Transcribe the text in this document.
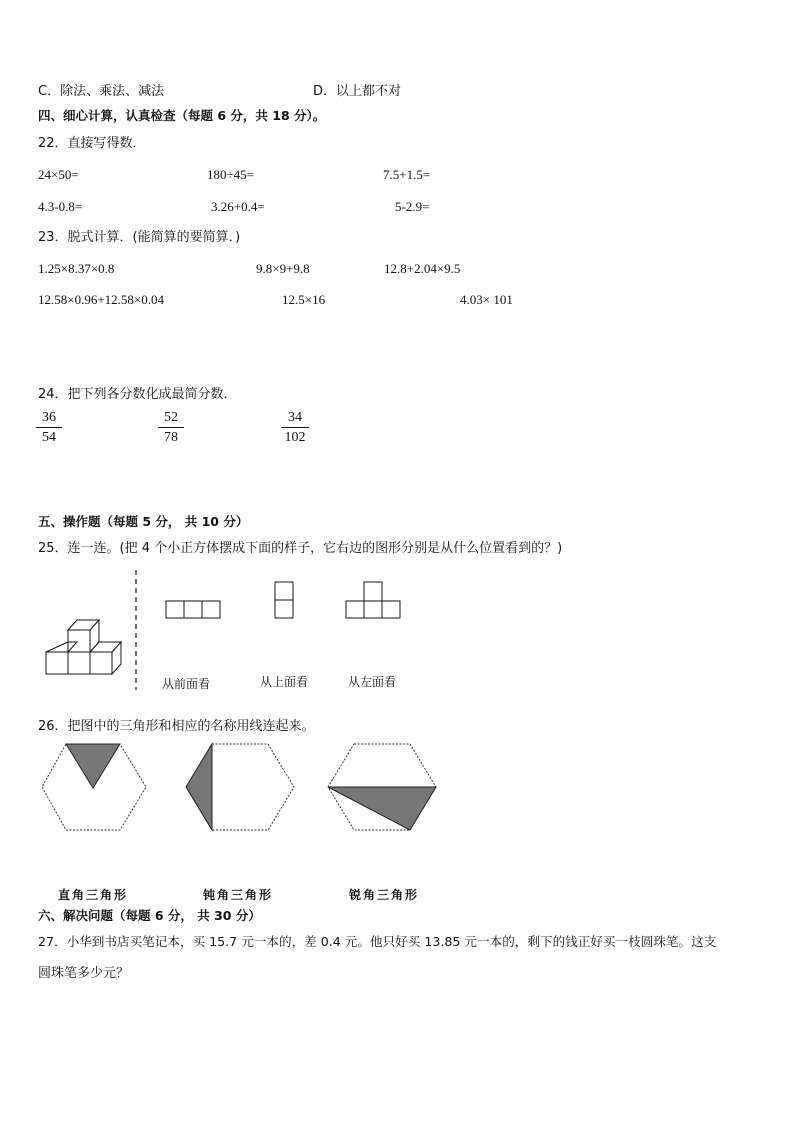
C．除法、乘法、减法	D．以上都不对
四、细心计算，认真检查（每题 6 分，共 18 分）。
22．直接写得数．
24×50=	180÷45=	7.5+1.5=
4.3-0.8=	3.26+0.4=	5-2.9=
23．脱式计算．(能简算的要简算．)
1.25×8.37×0.8	9.8×9+9.8	12.8+2.04×9.5
12.58×0.96+12.58×0.04	12.5×16	4.03× 101
24．把下列各分数化成最简分数．
36
54
52
78
34
102
五、操作题（每题 5 分， 共 10 分）
25．连一连。(把 4 个小正方体摆成下面的样子，它右边的图形分别是从什么位置看到的？)
从前面看	从上面看	从左面看
26．把图中的三角形和相应的名称用线连起来。
直角三角形	钝角三角形	锐角三角形
六、解决问题（每题 6 分， 共 30 分）
27．小华到书店买笔记本，买 15.7 元一本的，差 0.4 元。他只好买 13.85 元一本的，剩下的钱正好买一枝圆珠笔。这支
圆珠笔多少元？
